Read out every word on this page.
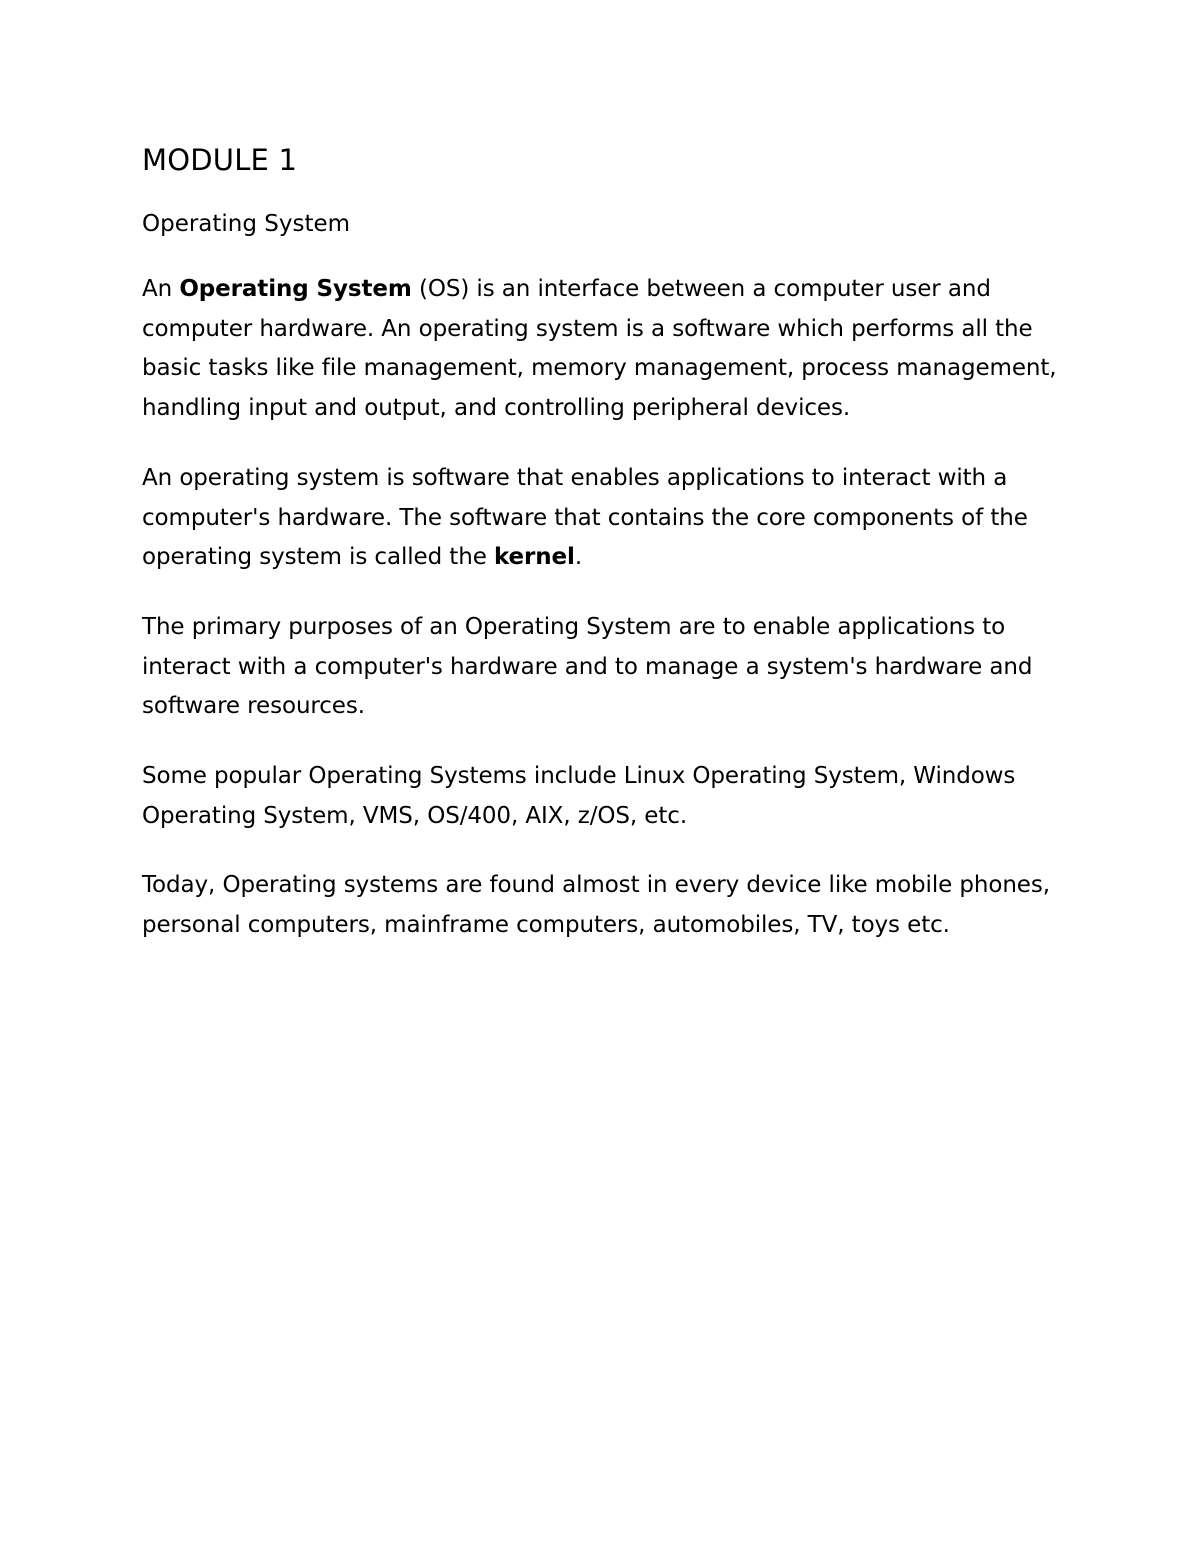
MODULE 1
Operating System

An Operating System (OS) is an interface between a computer user and computer hardware. An operating system is a software which performs all the basic tasks like file management, memory management, process management, handling input and output, and controlling peripheral devices.

An operating system is software that enables applications to interact with a computer's hardware. The software that contains the core components of the operating system is called the kernel.

The primary purposes of an Operating System are to enable applications to interact with a computer's hardware and to manage a system's hardware and software resources.

Some popular Operating Systems include Linux Operating System, Windows Operating System, VMS, OS/400, AIX, z/OS, etc.

Today, Operating systems are found almost in every device like mobile phones, personal computers, mainframe computers, automobiles, TV, toys etc.
